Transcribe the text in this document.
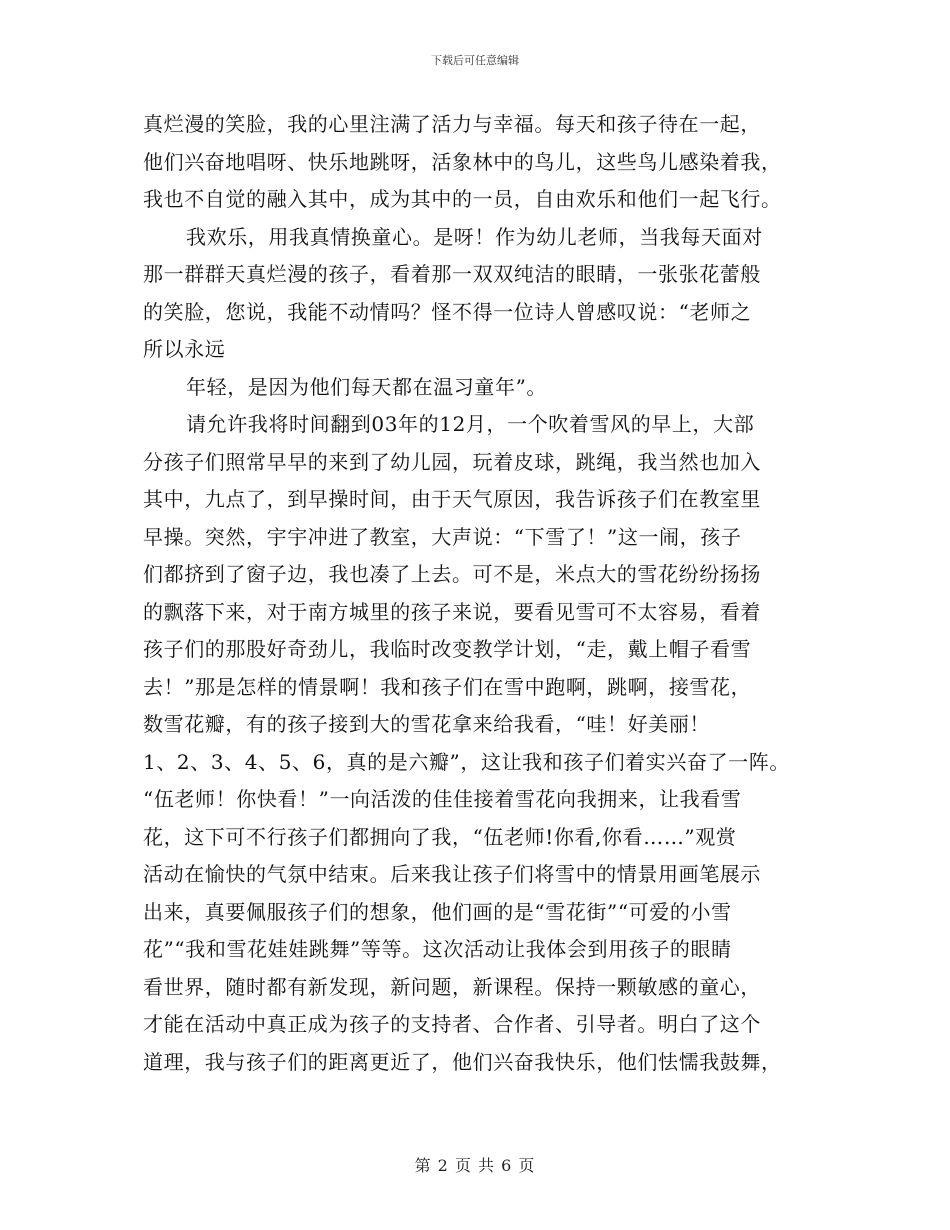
下载后可任意编辑
真烂漫的笑脸，我的心里注满了活力与幸福。每天和孩子待在一起，
他们兴奋地唱呀、快乐地跳呀，活象林中的鸟儿，这些鸟儿感染着我，
我也不自觉的融入其中，成为其中的一员，自由欢乐和他们一起飞行。
我欢乐，用我真情换童心。是呀！作为幼儿老师，当我每天面对
那一群群天真烂漫的孩子，看着那一双双纯洁的眼睛，一张张花蕾般
的笑脸，您说，我能不动情吗？怪不得一位诗人曾感叹说：“老师之
所以永远
年轻，是因为他们每天都在温习童年”。
请允许我将时间翻到03年的12月，一个吹着雪风的早上，大部
分孩子们照常早早的来到了幼儿园，玩着皮球，跳绳，我当然也加入
其中，九点了，到早操时间，由于天气原因，我告诉孩子们在教室里
早操。突然，宇宇冲进了教室，大声说：“下雪了！”这一闹，孩子
们都挤到了窗子边，我也凑了上去。可不是，米点大的雪花纷纷扬扬
的飘落下来，对于南方城里的孩子来说，要看见雪可不太容易，看着
孩子们的那股好奇劲儿，我临时改变教学计划，“走，戴上帽子看雪
去！”那是怎样的情景啊！我和孩子们在雪中跑啊，跳啊，接雪花，
数雪花瓣，有的孩子接到大的雪花拿来给我看，“哇！好美丽！
1、2、3、4、5、6，真的是六瓣”，这让我和孩子们着实兴奋了一阵。
“伍老师！你快看！”一向活泼的佳佳接着雪花向我拥来，让我看雪
花，这下可不行孩子们都拥向了我，“伍老师!你看,你看……”观赏
活动在愉快的气氛中结束。后来我让孩子们将雪中的情景用画笔展示
出来，真要佩服孩子们的想象，他们画的是“雪花街”“可爱的小雪
花”“我和雪花娃娃跳舞”等等。这次活动让我体会到用孩子的眼睛
看世界，随时都有新发现，新问题，新课程。保持一颗敏感的童心，
才能在活动中真正成为孩子的支持者、合作者、引导者。明白了这个
道理，我与孩子们的距离更近了，他们兴奋我快乐，他们怯懦我鼓舞，
第 2 页 共 6 页
